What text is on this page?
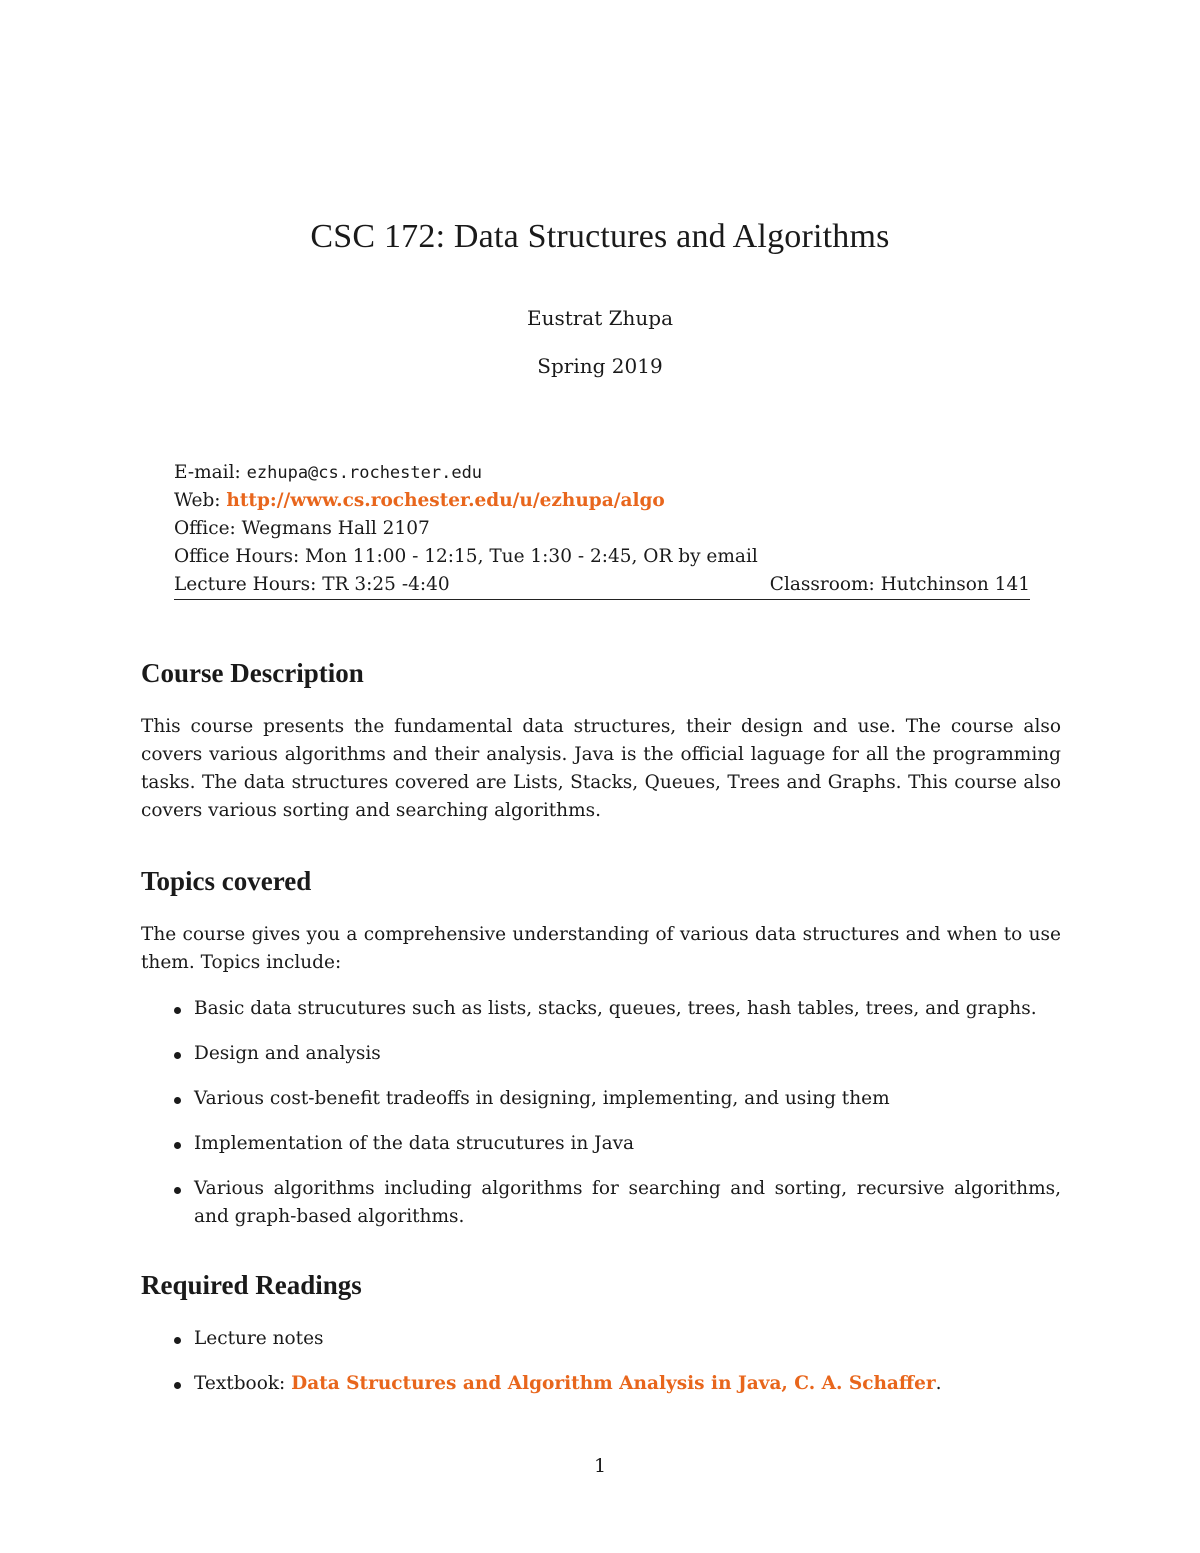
CSC 172: Data Structures and Algorithms
Eustrat Zhupa
Spring 2019
E-mail: ezhupa@cs.rochester.edu
Web: http://www.cs.rochester.edu/u/ezhupa/algo
Office: Wegmans Hall 2107
Office Hours: Mon 11:00 - 12:15, Tue 1:30 - 2:45, OR by email
Lecture Hours: TR 3:25 -4:40	Classroom: Hutchinson 141
Course Description

This course presents the fundamental data structures, their design and use. The course also covers various algorithms and their analysis. Java is the official laguage for all the programming tasks. The data structures covered are Lists, Stacks, Queues, Trees and Graphs. This course also covers various sorting and searching algorithms.

Topics covered

The course gives you a comprehensive understanding of various data structures and when to use them. Topics include:

Basic data strucutures such as lists, stacks, queues, trees, hash tables, trees, and graphs.
Design and analysis
Various cost-benefit tradeoffs in designing, implementing, and using them
Implementation of the data strucutures in Java
Various algorithms including algorithms for searching and sorting, recursive algorithms, and graph-based algorithms.
Required Readings
Lecture notes
Textbook: Data Structures and Algorithm Analysis in Java, C. A. Schaffer.
1
